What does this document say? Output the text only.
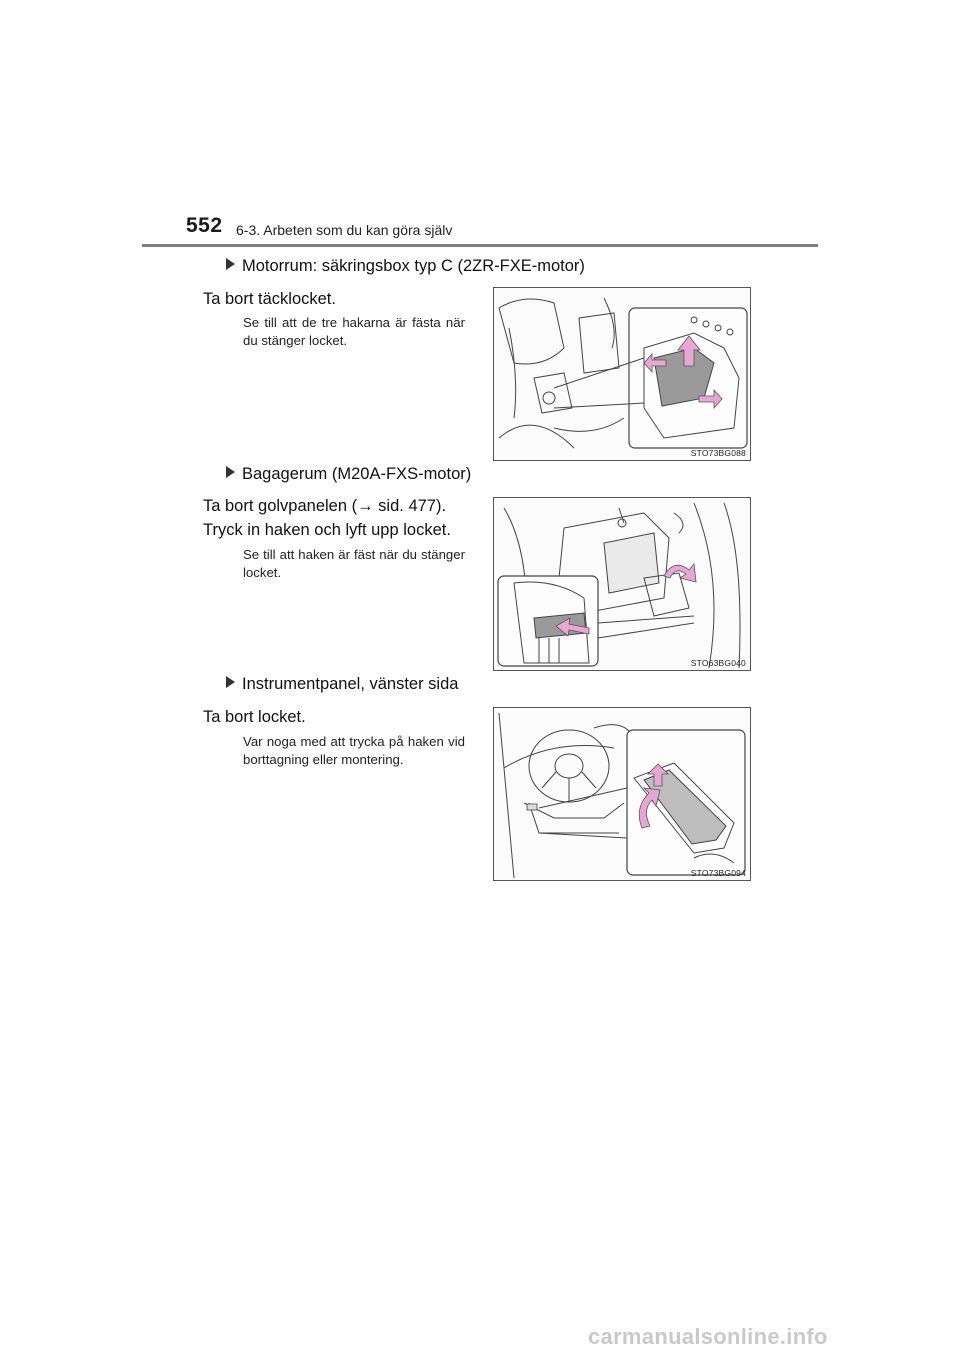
552 6-3. Arbeten som du kan göra själv
Motorrum: säkringsbox typ C (2ZR-FXE-motor)
Ta bort täcklocket.
Se till att de tre hakarna är fästa när du stänger locket.
STO73BG088
Bagagerum (M20A-FXS-motor)
Ta bort golvpanelen (→ sid. 477).
Tryck in haken och lyft upp locket.
Se till att haken är fäst när du stänger locket.
STO63BG040
Instrumentpanel, vänster sida
Ta bort locket.
Var noga med att trycka på haken vid borttagning eller montering.
STO73BG094
carmanualsonline.info
